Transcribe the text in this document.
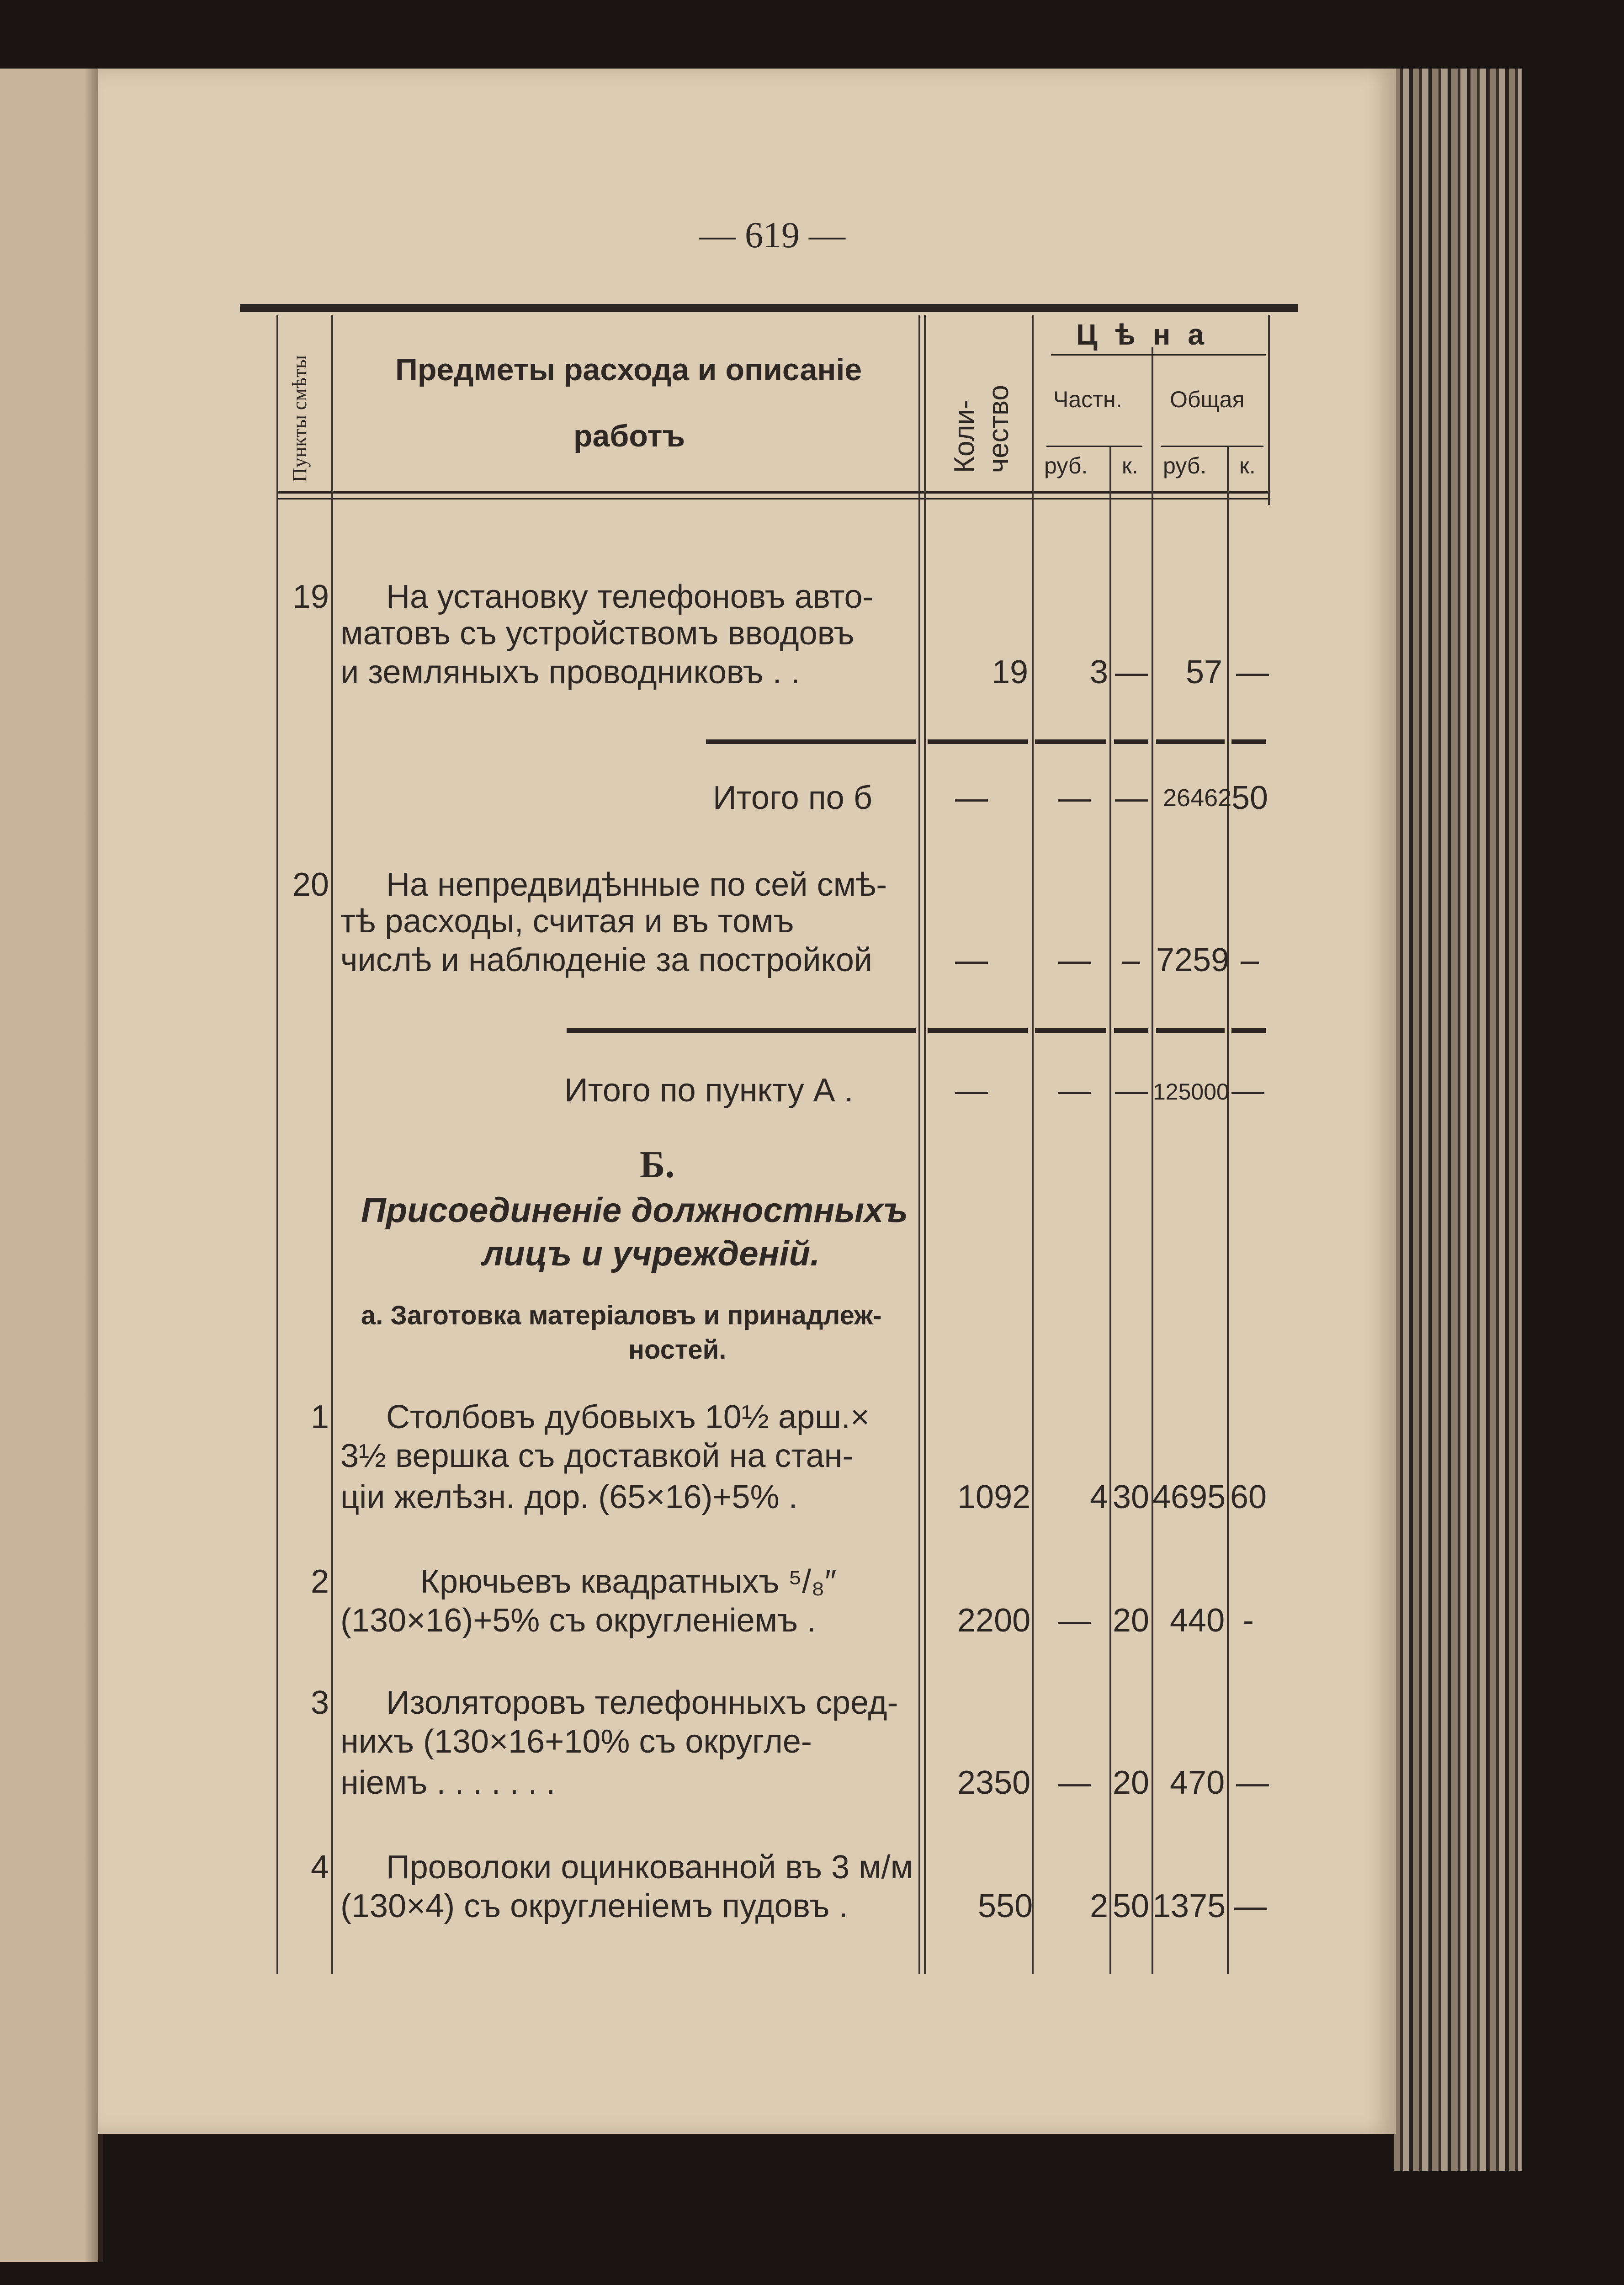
— 619 —
Пункты смѣты	Предметы расхода и описаніе
работъ	Коли- чество
Цѣна
Частн. Общая
руб. к. руб. к.
19 На установку телефоновъ авто-
матовъ съ устройствомъ вводовъ
и земляныхъ проводниковъ . .	19 3 — 57 —
Итого по б	— — — 26462 50
20 На непредвидѣнные по сей смѣ-
тѣ расходы, считая и въ томъ
числѣ и наблюденіе за постройкой	— — – 7259 –
Итого по пункту А .	— — — 125000 —
Б.
Присоединеніе должностныхъ
лицъ и учрежденій.
а. Заготовка матеріаловъ и принадлеж-
ностей.
1 Столбовъ дубовыхъ 10½ арш.×
3½ вершка съ доставкой на стан-
ціи желѣзн. дор. (65×16)+5% .	1092 4 30 4695 60
2	Крючьевъ квадратныхъ ⁵/₈″
(130×16)+5% съ округленіемъ .	2200 — 20 440 -
3 Изоляторовъ телефонныхъ сред-
нихъ (130×16+10% съ округле-
ніемъ . . . . . . .	2350 — 20 470 —
4 Проволоки оцинкованной въ 3 м/м
(130×4) съ округленіемъ пудовъ .	550 2 50 1375 —
